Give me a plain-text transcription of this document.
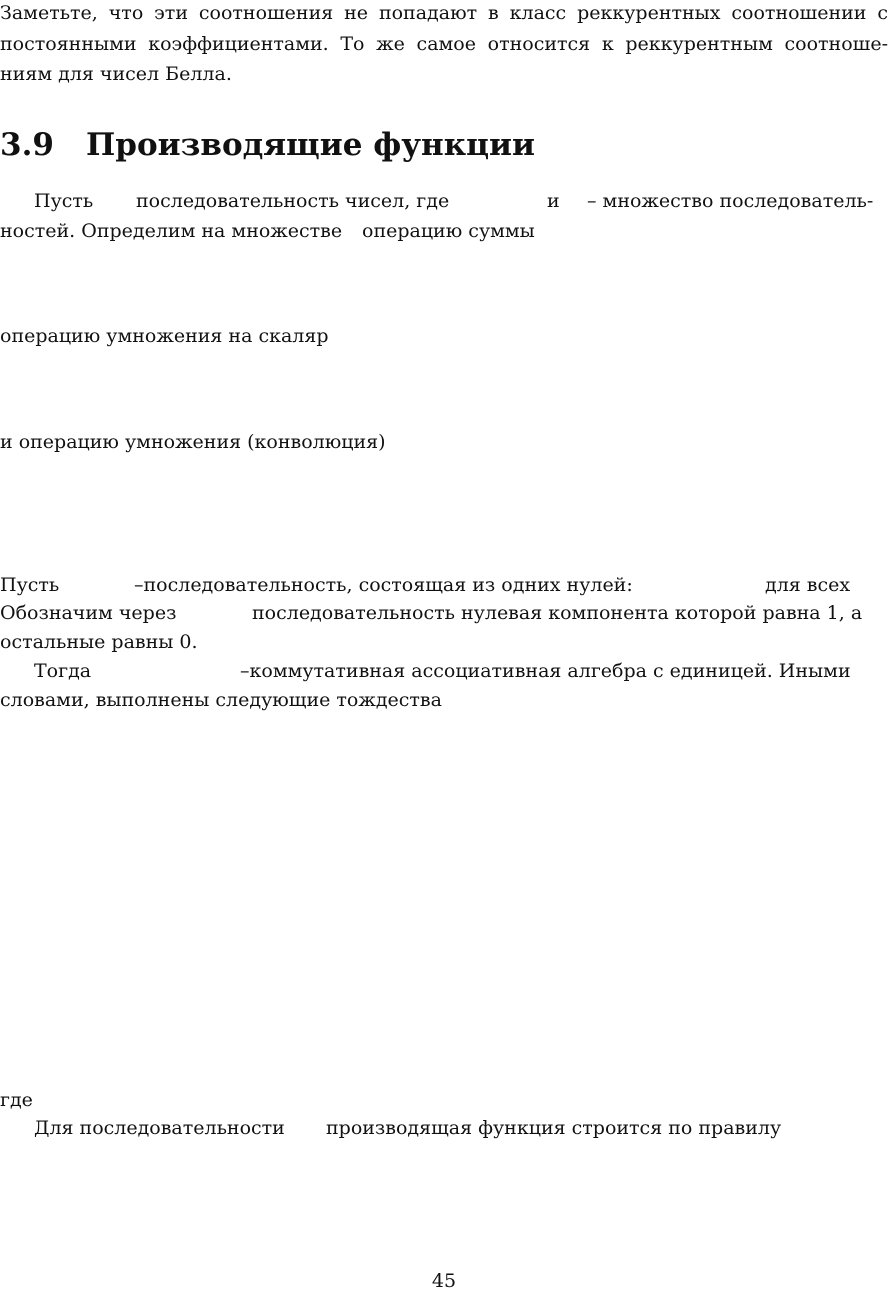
Заметьте, что эти соотношения не попадают в класс реккурентных соотношении с
постоянными коэффициентами. То же самое относится к реккурентным соотноше-
ниям для чисел Белла.
3.9 Производящие функции
Пусть последовательность чисел, где	и – множество последователь-
ностей. Определим на множестве операцию суммы
операцию умножения на скаляр
и операцию умножения (конволюция)
Пусть	–последовательность, состоящая из одних нулей:	для всех
Обозначим через	последовательность нулевая компонента которой равна 1, а
остальные равны 0.
Тогда	–коммутативная ассоциативная алгебра с единицей. Иными
словами, выполнены следующие тождества
где
Для последовательности производящая функция строится по правилу
45
